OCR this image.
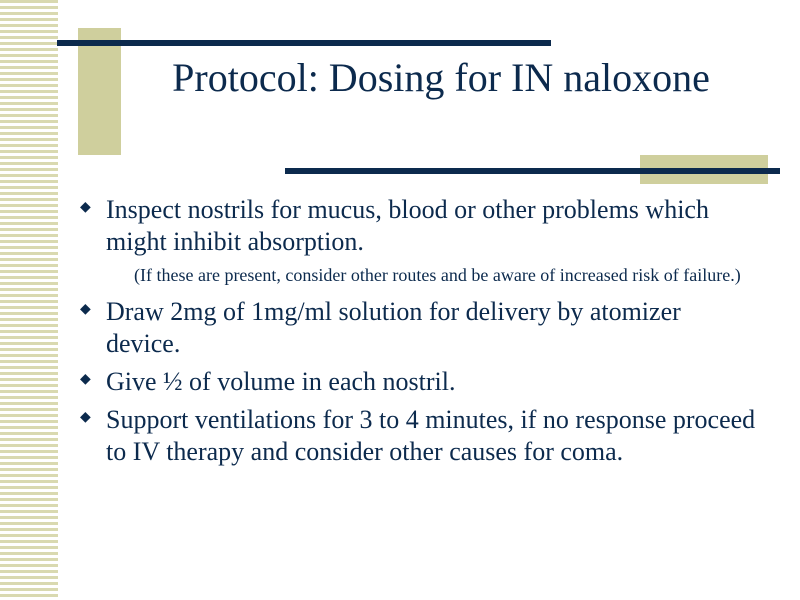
Protocol: Dosing for IN naloxone
◆ Inspect nostrils for mucus, blood or other problems which might inhibit absorption.
(If these are present, consider other routes and be aware of increased risk of failure.)
◆ Draw 2mg of 1mg/ml solution for delivery by atomizer device.
◆ Give ½ of volume in each nostril.
◆ Support ventilations for 3 to 4 minutes, if no response proceed to IV therapy and consider other causes for coma.
